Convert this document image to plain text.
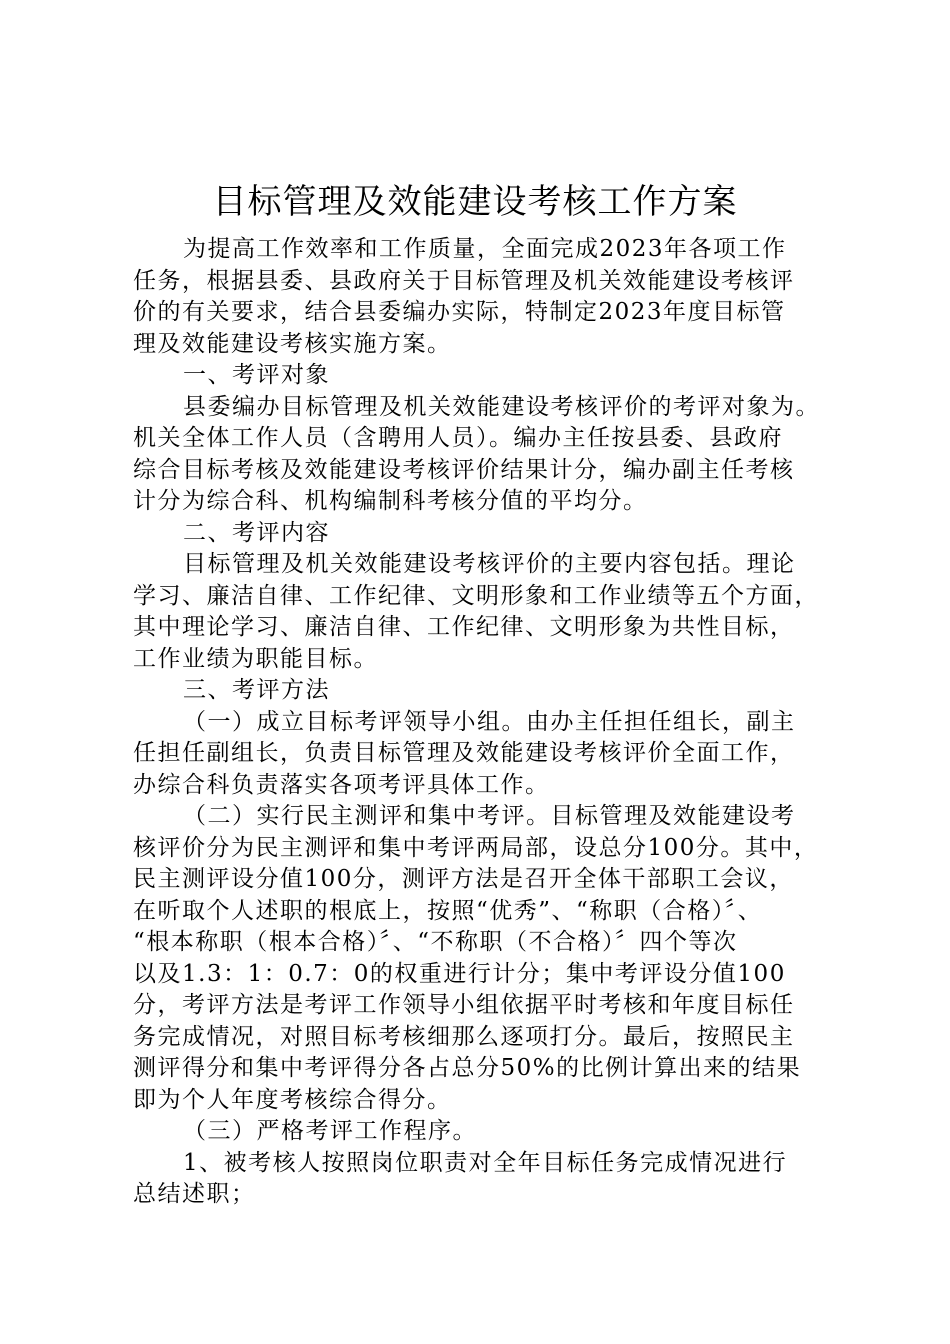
目标管理及效能建设考核工作方案
为提高工作效率和工作质量，全面完成2023年各项工作
任务，根据县委、县政府关于目标管理及机关效能建设考核评
价的有关要求，结合县委编办实际，特制定2023年度目标管
理及效能建设考核实施方案。
一、考评对象
县委编办目标管理及机关效能建设考核评价的考评对象为。
机关全体工作人员（含聘用人员）。编办主任按县委、县政府
综合目标考核及效能建设考核评价结果计分，编办副主任考核
计分为综合科、机构编制科考核分值的平均分。
二、考评内容
目标管理及机关效能建设考核评价的主要内容包括。理论
学习、廉洁自律、工作纪律、文明形象和工作业绩等五个方面，
其中理论学习、廉洁自律、工作纪律、文明形象为共性目标，
工作业绩为职能目标。
三、考评方法
（一）成立目标考评领导小组。由办主任担任组长，副主
任担任副组长，负责目标管理及效能建设考核评价全面工作，
办综合科负责落实各项考评具体工作。
（二）实行民主测评和集中考评。目标管理及效能建设考
核评价分为民主测评和集中考评两局部，设总分100分。其中，
民主测评设分值100分，测评方法是召开全体干部职工会议，
在听取个人述职的根底上，按照“优秀”、“称职（合格）〞、
“根本称职（根本合格）〞、“不称职（不合格）〞四个等次
以及1.3：1：0.7：0的权重进行计分；集中考评设分值100
分，考评方法是考评工作领导小组依据平时考核和年度目标任
务完成情况，对照目标考核细那么逐项打分。最后，按照民主
测评得分和集中考评得分各占总分50%的比例计算出来的结果
即为个人年度考核综合得分。
（三）严格考评工作程序。
1、被考核人按照岗位职责对全年目标任务完成情况进行
总结述职；
